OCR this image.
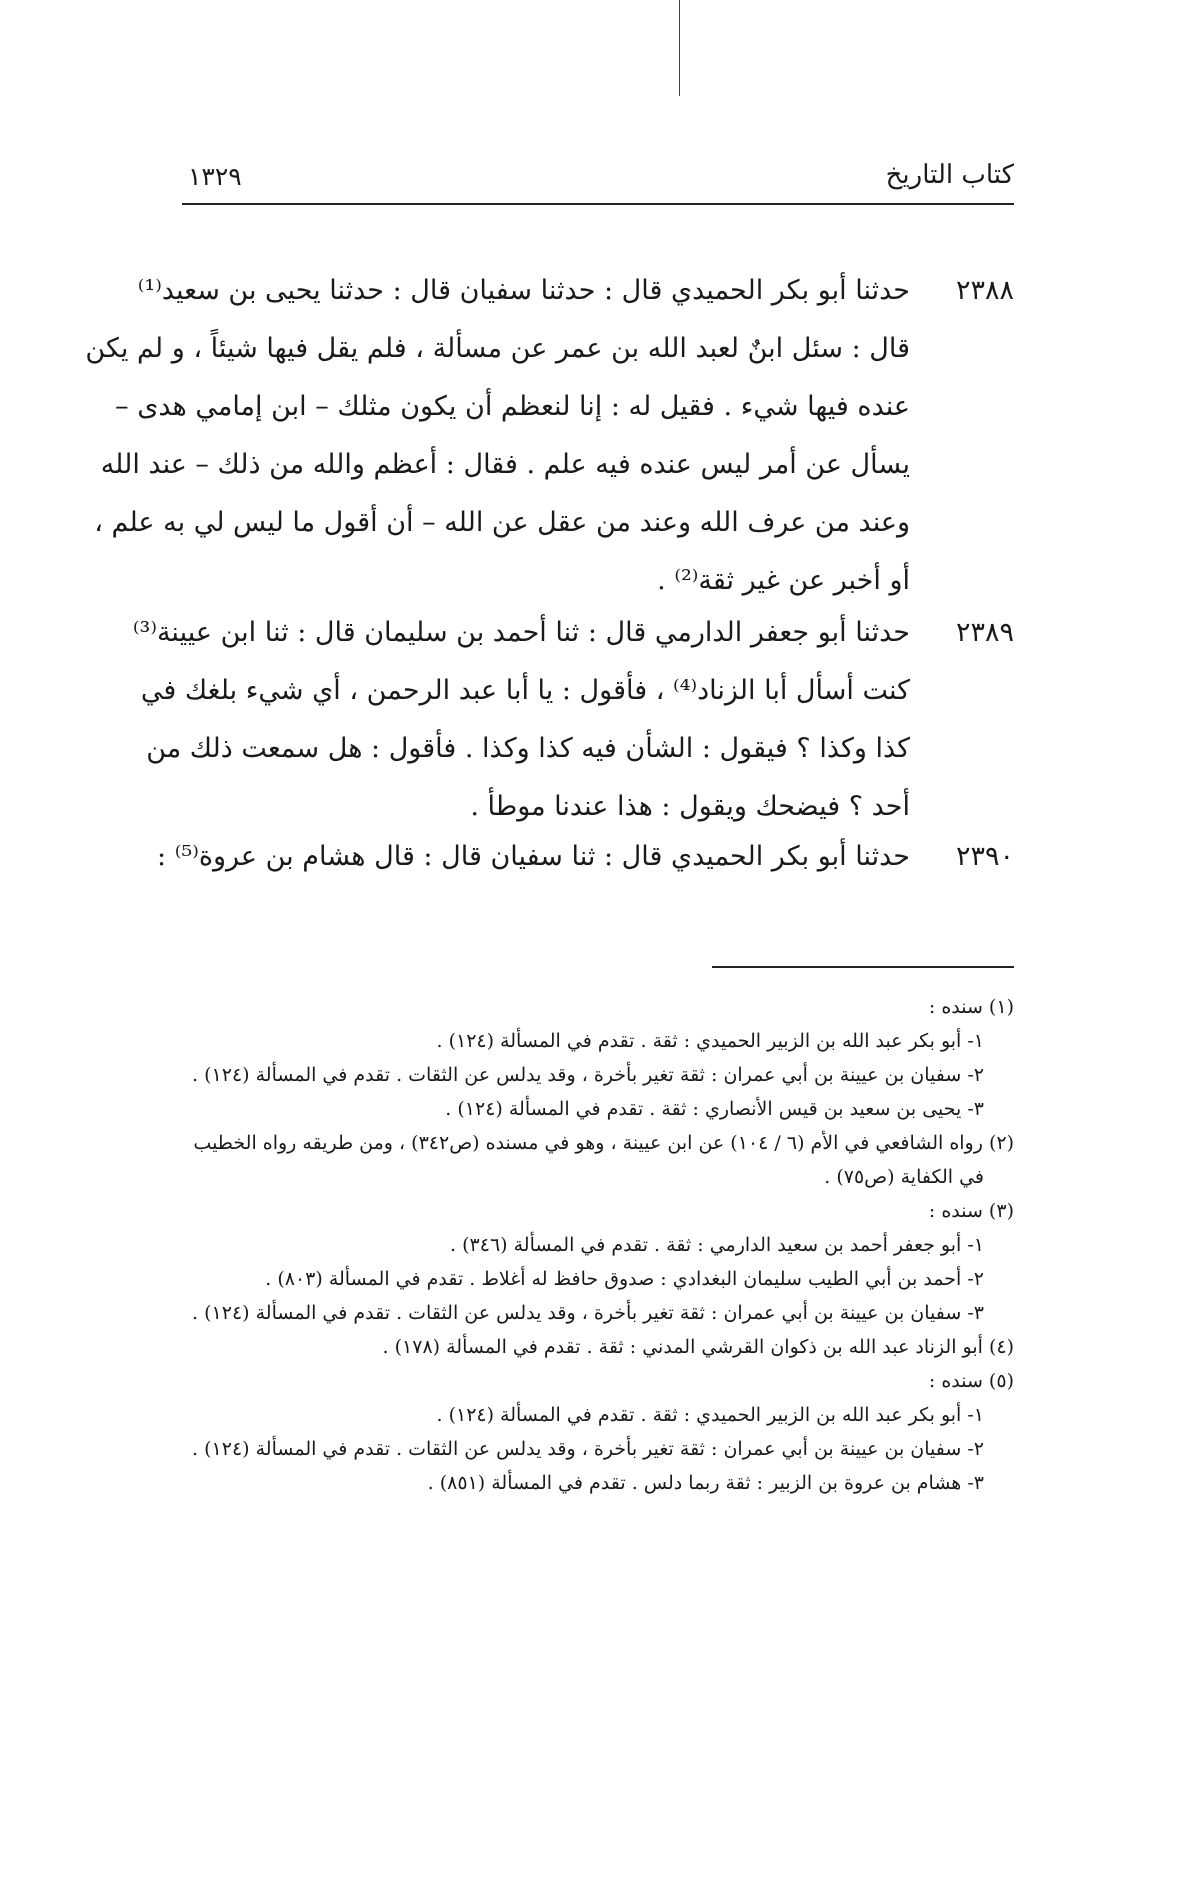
كتاب التاريخ
١٣٢٩
٢٣٨٨
حدثنا أبو بكر الحميدي قال : حدثنا سفيان قال : حدثنا يحيى بن سعيد⁽¹⁾
قال : سئل ابنٌ لعبد الله بن عمر عن مسألة ، فلم يقل فيها شيئاً ، و لم يكن
عنده فيها شيء . فقيل له : إنا لنعظم أن يكون مثلك – ابن إمامي هدى –
يسأل عن أمر ليس عنده فيه علم . فقال : أعظم والله من ذلك – عند الله
وعند من عرف الله وعند من عقل عن الله – أن أقول ما ليس لي به علم ،
أو أخبر عن غير ثقة⁽²⁾ .
٢٣٨٩
حدثنا أبو جعفر الدارمي قال : ثنا أحمد بن سليمان قال : ثنا ابن عيينة⁽³⁾
كنت أسأل أبا الزناد⁽⁴⁾ ، فأقول : يا أبا عبد الرحمن ، أي شيء بلغك في
كذا وكذا ؟ فيقول : الشأن فيه كذا وكذا . فأقول : هل سمعت ذلك من
أحد ؟ فيضحك ويقول : هذا عندنا موطأ .
٢٣٩٠
حدثنا أبو بكر الحميدي قال : ثنا سفيان قال : قال هشام بن عروة⁽⁵⁾ :
(١) سنده :
١- أبو بكر عبد الله بن الزبير الحميدي : ثقة . تقدم في المسألة (١٢٤) .
٢- سفيان بن عيينة بن أبي عمران : ثقة تغير بأخرة ، وقد يدلس عن الثقات . تقدم في المسألة (١٢٤) .
٣- يحيى بن سعيد بن قيس الأنصاري : ثقة . تقدم في المسألة (١٢٤) .
(٢) رواه الشافعي في الأم (٦ / ١٠٤) عن ابن عيينة ، وهو في مسنده (ص٣٤٢) ، ومن طريقه رواه الخطيب
في الكفاية (ص٧٥) .
(٣) سنده :
١- أبو جعفر أحمد بن سعيد الدارمي : ثقة . تقدم في المسألة (٣٤٦) .
٢- أحمد بن أبي الطيب سليمان البغدادي : صدوق حافظ له أغلاط . تقدم في المسألة (٨٠٣) .
٣- سفيان بن عيينة بن أبي عمران : ثقة تغير بأخرة ، وقد يدلس عن الثقات . تقدم في المسألة (١٢٤) .
(٤) أبو الزناد عبد الله بن ذكوان القرشي المدني : ثقة . تقدم في المسألة (١٧٨) .
(٥) سنده :
١- أبو بكر عبد الله بن الزبير الحميدي : ثقة . تقدم في المسألة (١٢٤) .
٢- سفيان بن عيينة بن أبي عمران : ثقة تغير بأخرة ، وقد يدلس عن الثقات . تقدم في المسألة (١٢٤) .
٣- هشام بن عروة بن الزبير : ثقة ربما دلس . تقدم في المسألة (٨٥١) .
